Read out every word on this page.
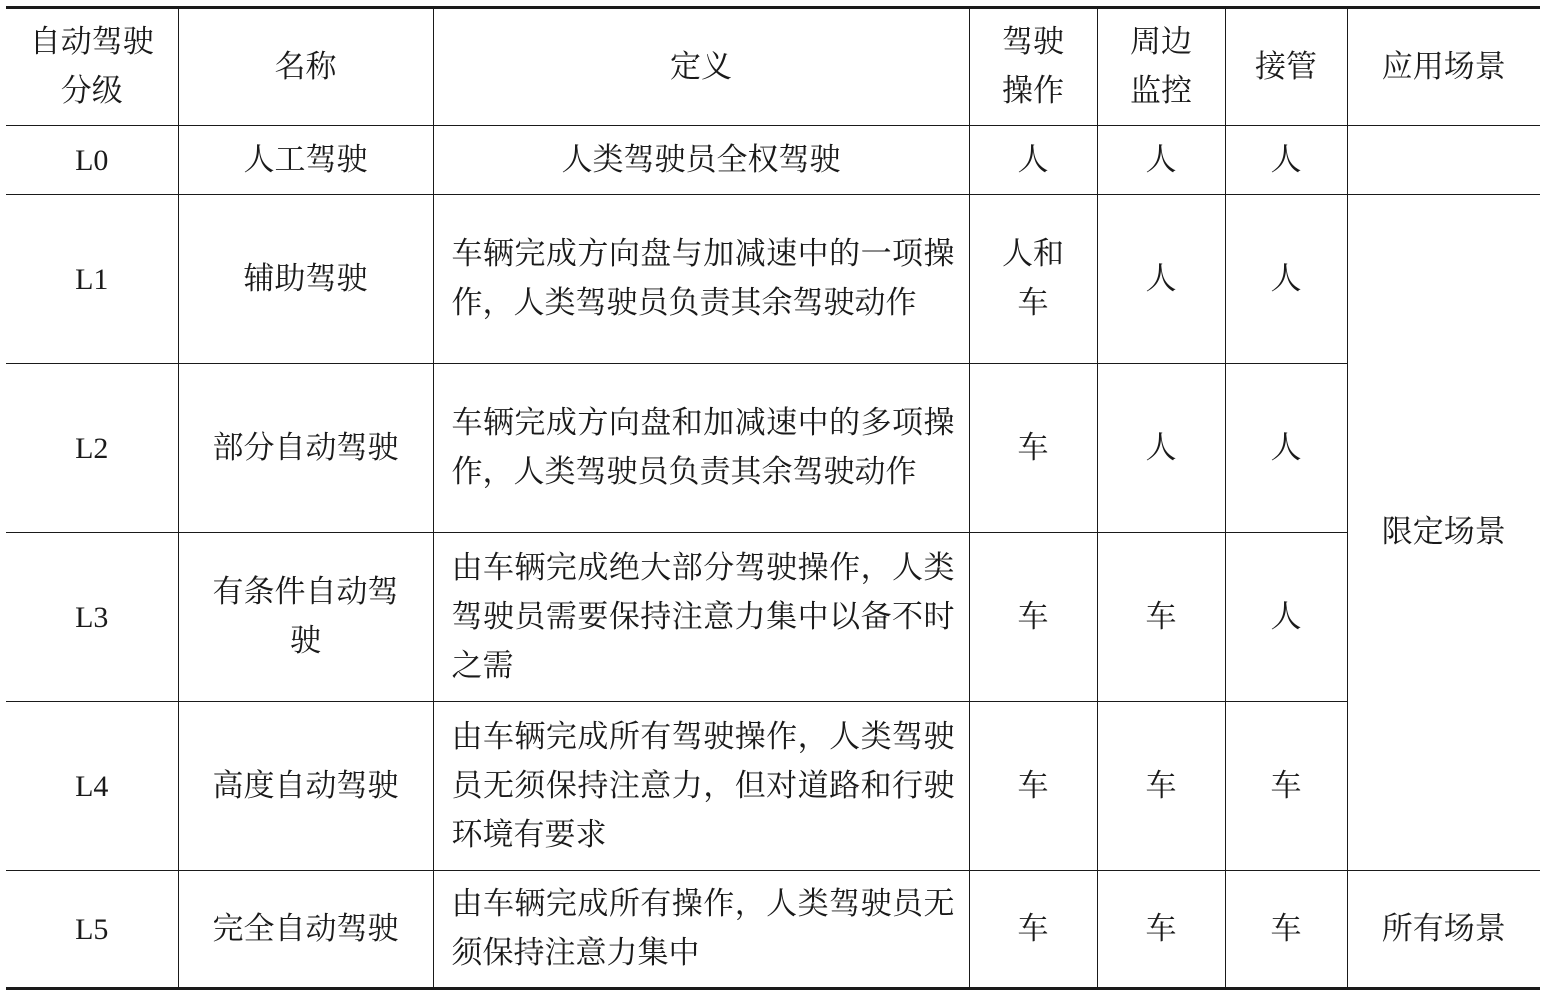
自动驾驶分级	名称	定义	驾驶操作	周边监控	接管	应用场景
L0	人工驾驶	人类驾驶员全权驾驶	人	人	人	
L1	辅助驾驶	车辆完成方向盘与加减速中的一项操作，人类驾驶员负责其余驾驶动作	人和车	人	人	限定场景
L2	部分自动驾驶	车辆完成方向盘和加减速中的多项操作，人类驾驶员负责其余驾驶动作	车	人	人	
L3	有条件自动驾驶	由车辆完成绝大部分驾驶操作，人类驾驶员需要保持注意力集中以备不时之需	车	车	人	
L4	高度自动驾驶	由车辆完成所有驾驶操作，人类驾驶员无须保持注意力，但对道路和行驶环境有要求	车	车	车	
L5	完全自动驾驶	由车辆完成所有操作，人类驾驶员无须保持注意力集中	车	车	车	所有场景
